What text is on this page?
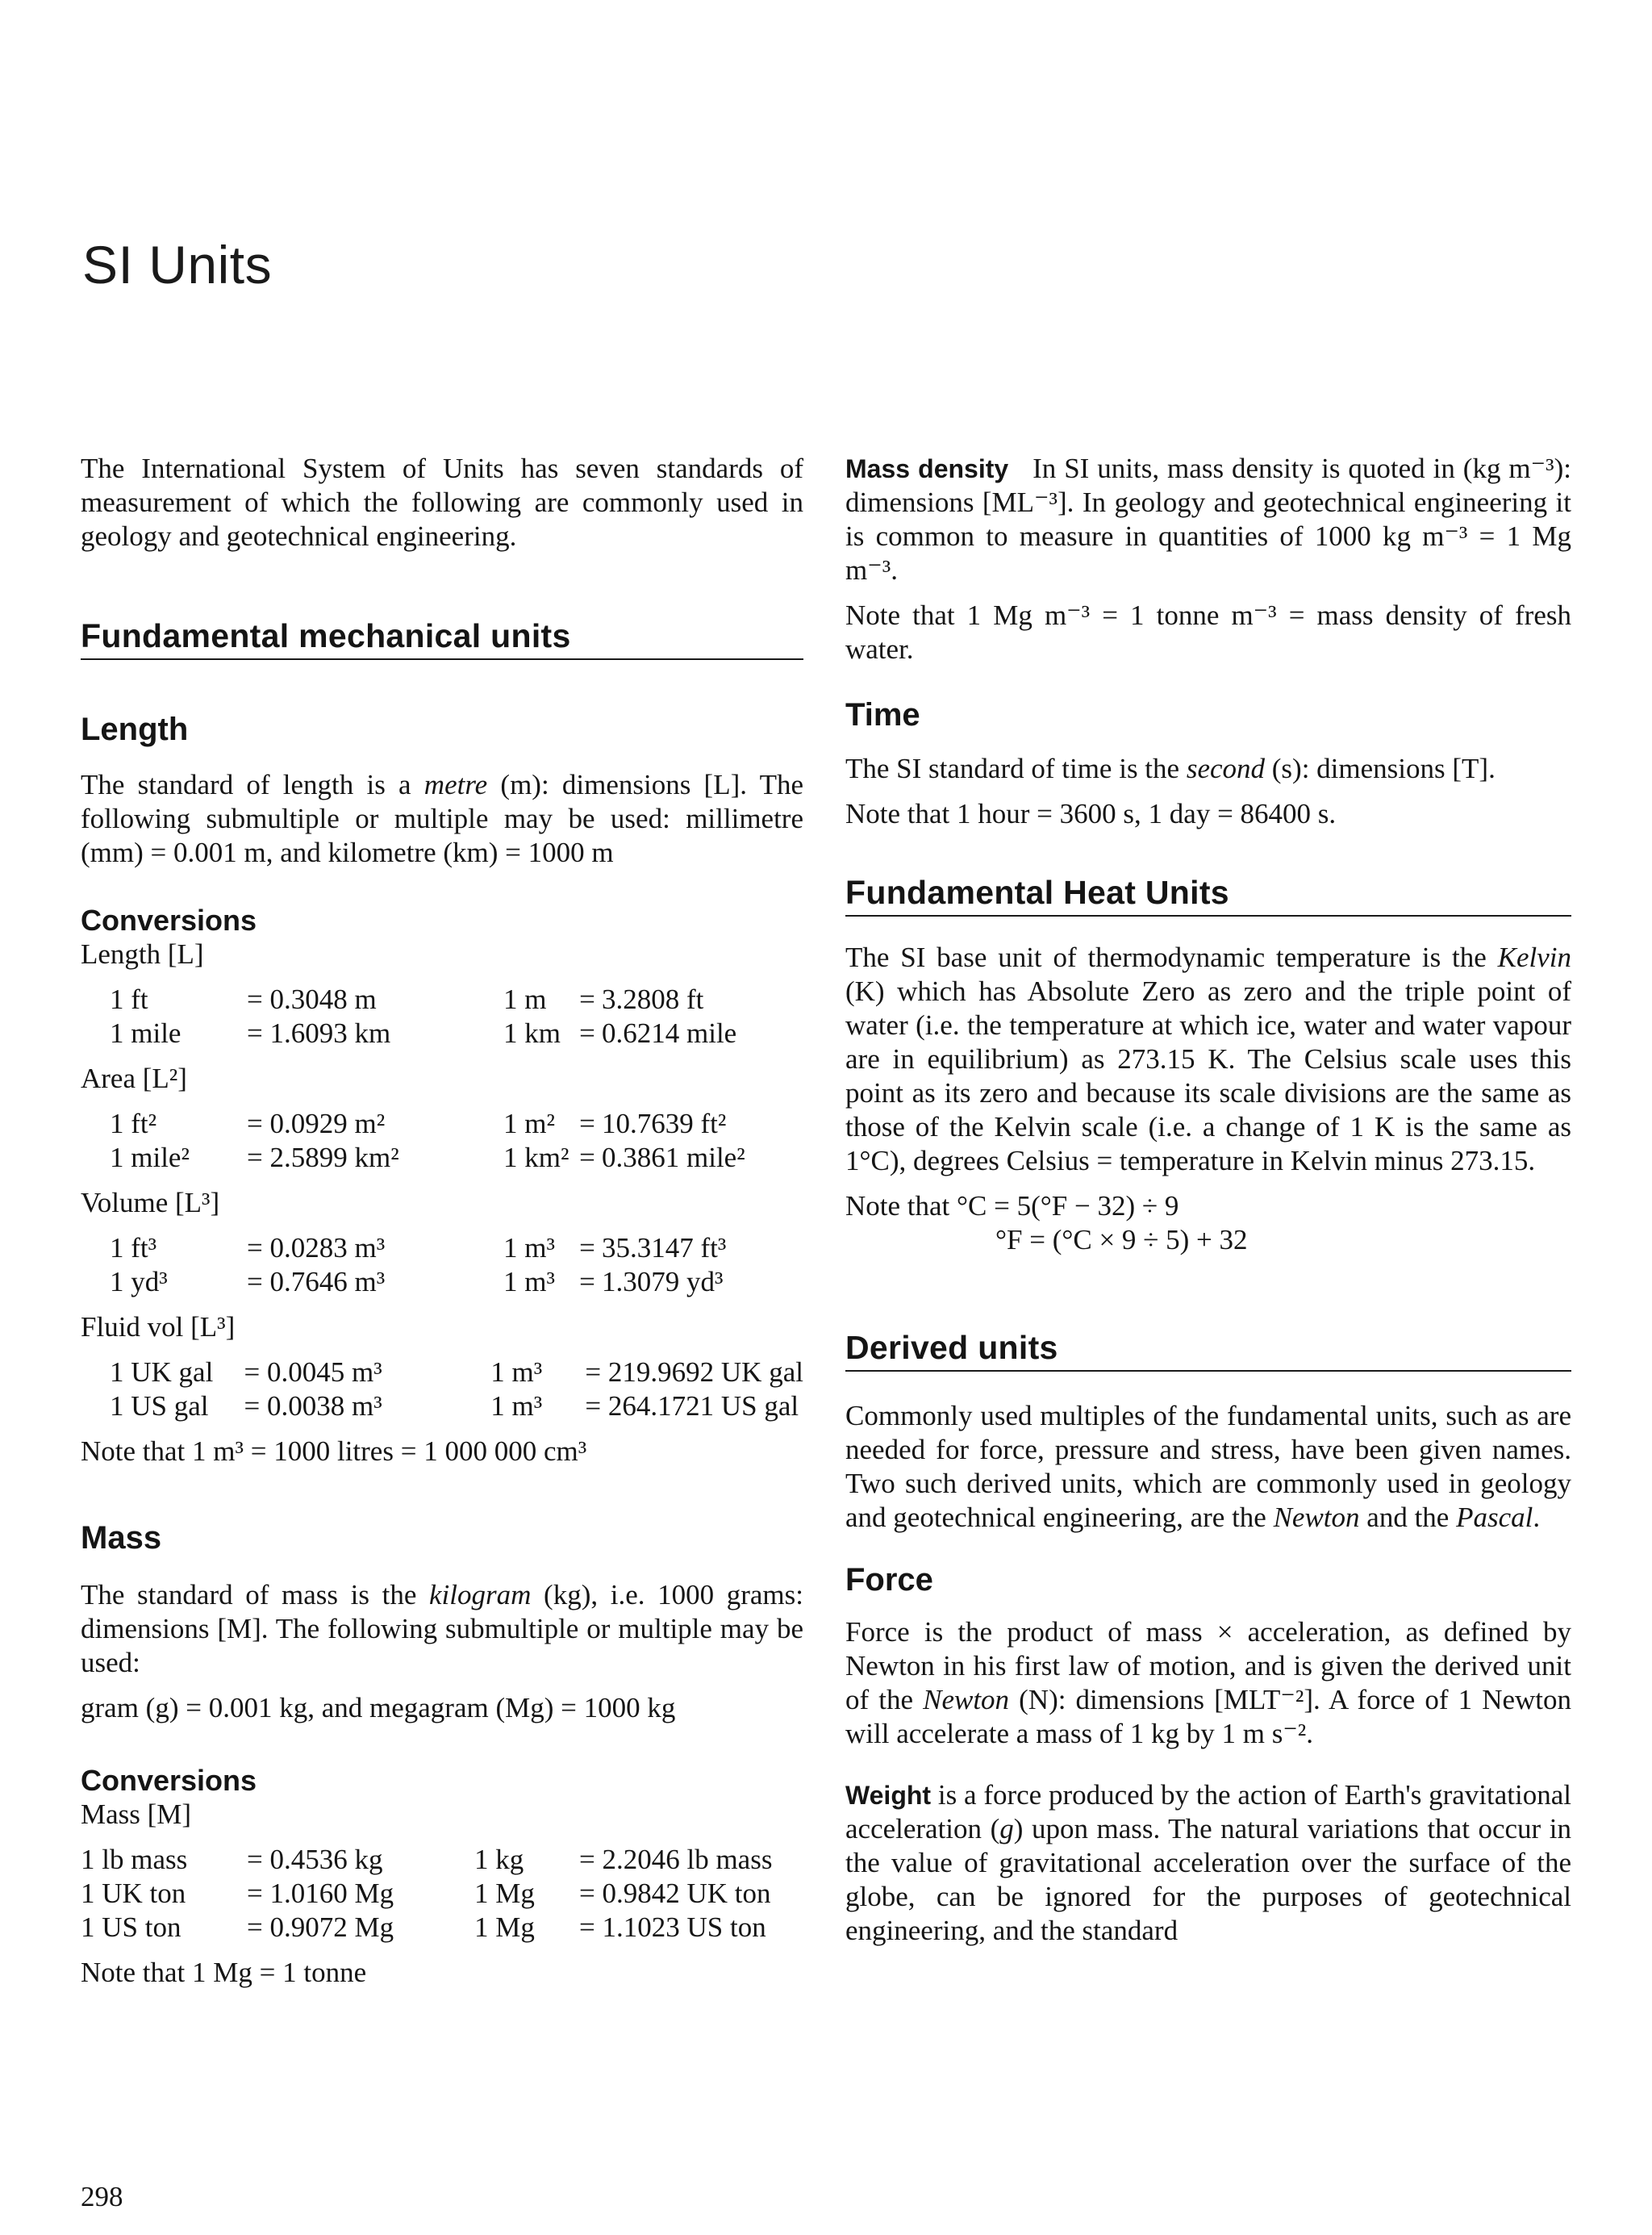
SI Units

The International System of Units has seven standards of measurement of which the following are commonly used in geology and geotechnical engineering.

Fundamental mechanical units
Length

The standard of length is a metre (m): dimensions [L]. The following submultiple or multiple may be used: millimetre (mm) = 0.001 m, and kilometre (km) = 1000 m

Conversions
Length [L]
1 ft	= 0.3048 m	1 m	=	3.2808 ft
1 mile	= 1.6093 km	1 km	=	0.6214 mile
Area [L²]
1 ft²	= 0.0929 m²	1 m²	=	10.7639 ft²
1 mile²	= 2.5899 km²	1 km²	=	0.3861 mile²
Volume [L³]
1 ft³	= 0.0283 m³	1 m³	=	35.3147 ft³
1 yd³	= 0.7646 m³	1 m³	=	1.3079 yd³
Fluid vol [L³]
1 UK gal	= 0.0045 m³	1 m³		= 219.9692 UK gal
1 US gal	= 0.0038 m³	1 m³		= 264.1721 US gal

Note that 1 m³ = 1000 litres = 1 000 000 cm³

Mass

The standard of mass is the kilogram (kg), i.e. 1000 grams: dimensions [M]. The following submultiple or multiple may be used:

gram (g) = 0.001 kg, and megagram (Mg) = 1000 kg

Conversions
Mass [M]
1 lb mass	= 0.4536 kg	1 kg		= 2.2046 lb mass
1 UK ton	= 1.0160 Mg	1 Mg		= 0.9842 UK ton
1 US ton	= 0.9072 Mg	1 Mg		= 1.1023 US ton

Note that 1 Mg = 1 tonne

Mass density In SI units, mass density is quoted in (kg m⁻³): dimensions [ML⁻³]. In geology and geotechnical engineering it is common to measure in quantities of 1000 kg m⁻³ = 1 Mg m⁻³.

Note that 1 Mg m⁻³ = 1 tonne m⁻³ = mass density of fresh water.

Time

The SI standard of time is the second (s): dimensions [T].

Note that 1 hour = 3600 s, 1 day = 86400 s.

Fundamental Heat Units

The SI base unit of thermodynamic temperature is the Kelvin (K) which has Absolute Zero as zero and the triple point of water (i.e. the temperature at which ice, water and water vapour are in equilibrium) as 273.15 K. The Celsius scale uses this point as its zero and because its scale divisions are the same as those of the Kelvin scale (i.e. a change of 1 K is the same as 1°C), degrees Celsius = temperature in Kelvin minus 273.15.

Note that °C = 5(°F − 32) ÷ 9

°F = (°C × 9 ÷ 5) + 32

Derived units

Commonly used multiples of the fundamental units, such as are needed for force, pressure and stress, have been given names. Two such derived units, which are commonly used in geology and geotechnical engineering, are the Newton and the Pascal.

Force

Force is the product of mass × acceleration, as defined by Newton in his first law of motion, and is given the derived unit of the Newton (N): dimensions [MLT⁻²]. A force of 1 Newton will accelerate a mass of 1 kg by 1 m s⁻².

Weight is a force produced by the action of Earth's gravitational acceleration (g) upon mass. The natural variations that occur in the value of gravitational acceleration over the surface of the globe, can be ignored for the purposes of geotechnical engineering, and the standard

298
